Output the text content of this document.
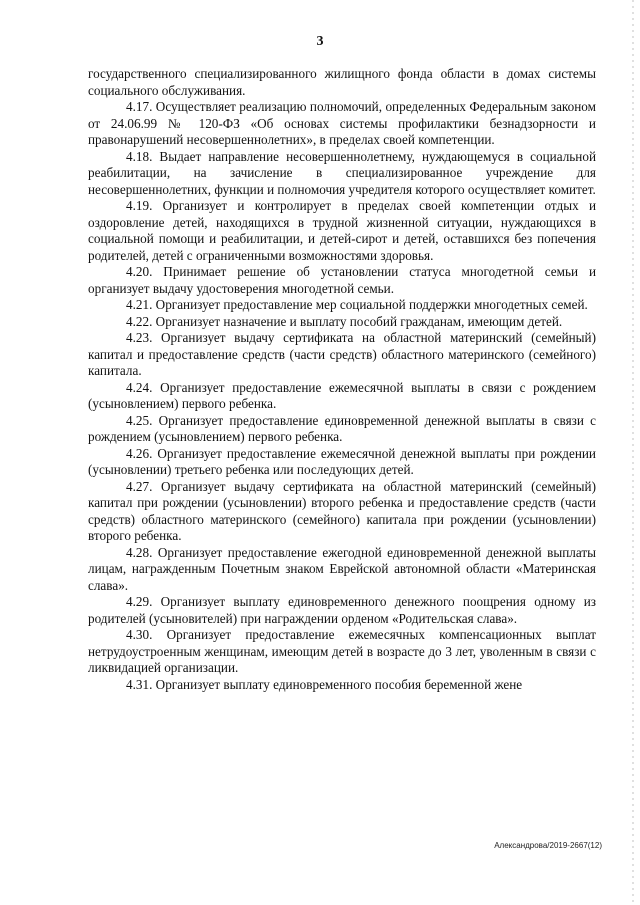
3

государственного специализированного жилищного фонда области в домах системы социального обслуживания.

4.17. Осуществляет реализацию полномочий, определенных Федеральным законом от 24.06.99 № 120-ФЗ «Об основах системы профилактики безнадзорности и правонарушений несовершеннолетних», в пределах своей компетенции.

4.18. Выдает направление несовершеннолетнему, нуждающемуся в социальной реабилитации, на зачисление в специализированное учреждение для несовершеннолетних, функции и полномочия учредителя которого осуществляет комитет.

4.19. Организует и контролирует в пределах своей компетенции отдых и оздоровление детей, находящихся в трудной жизненной ситуации, нуждающихся в социальной помощи и реабилитации, и детей-сирот и детей, оставшихся без попечения родителей, детей с ограниченными возможностями здоровья.

4.20. Принимает решение об установлении статуса многодетной семьи и организует выдачу удостоверения многодетной семьи.

4.21. Организует предоставление мер социальной поддержки многодетных семей.

4.22. Организует назначение и выплату пособий гражданам, имеющим детей.

4.23. Организует выдачу сертификата на областной материнский (семейный) капитал и предоставление средств (части средств) областного материнского (семейного) капитала.

4.24. Организует предоставление ежемесячной выплаты в связи с рождением (усыновлением) первого ребенка.

4.25. Организует предоставление единовременной денежной выплаты в связи с рождением (усыновлением) первого ребенка.

4.26. Организует предоставление ежемесячной денежной выплаты при рождении (усыновлении) третьего ребенка или последующих детей.

4.27. Организует выдачу сертификата на областной материнский (семейный) капитал при рождении (усыновлении) второго ребенка и предоставление средств (части средств) областного материнского (семейного) капитала при рождении (усыновлении) второго ребенка.

4.28. Организует предоставление ежегодной единовременной денежной выплаты лицам, награжденным Почетным знаком Еврейской автономной области «Материнская слава».

4.29. Организует выплату единовременного денежного поощрения одному из родителей (усыновителей) при награждении орденом «Родительская слава».

4.30. Организует предоставление ежемесячных компенсационных выплат нетрудоустроенным женщинам, имеющим детей в возрасте до 3 лет, уволенным в связи с ликвидацией организации.

4.31. Организует выплату единовременного пособия беременной жене

Александрова/2019-2667(12)
